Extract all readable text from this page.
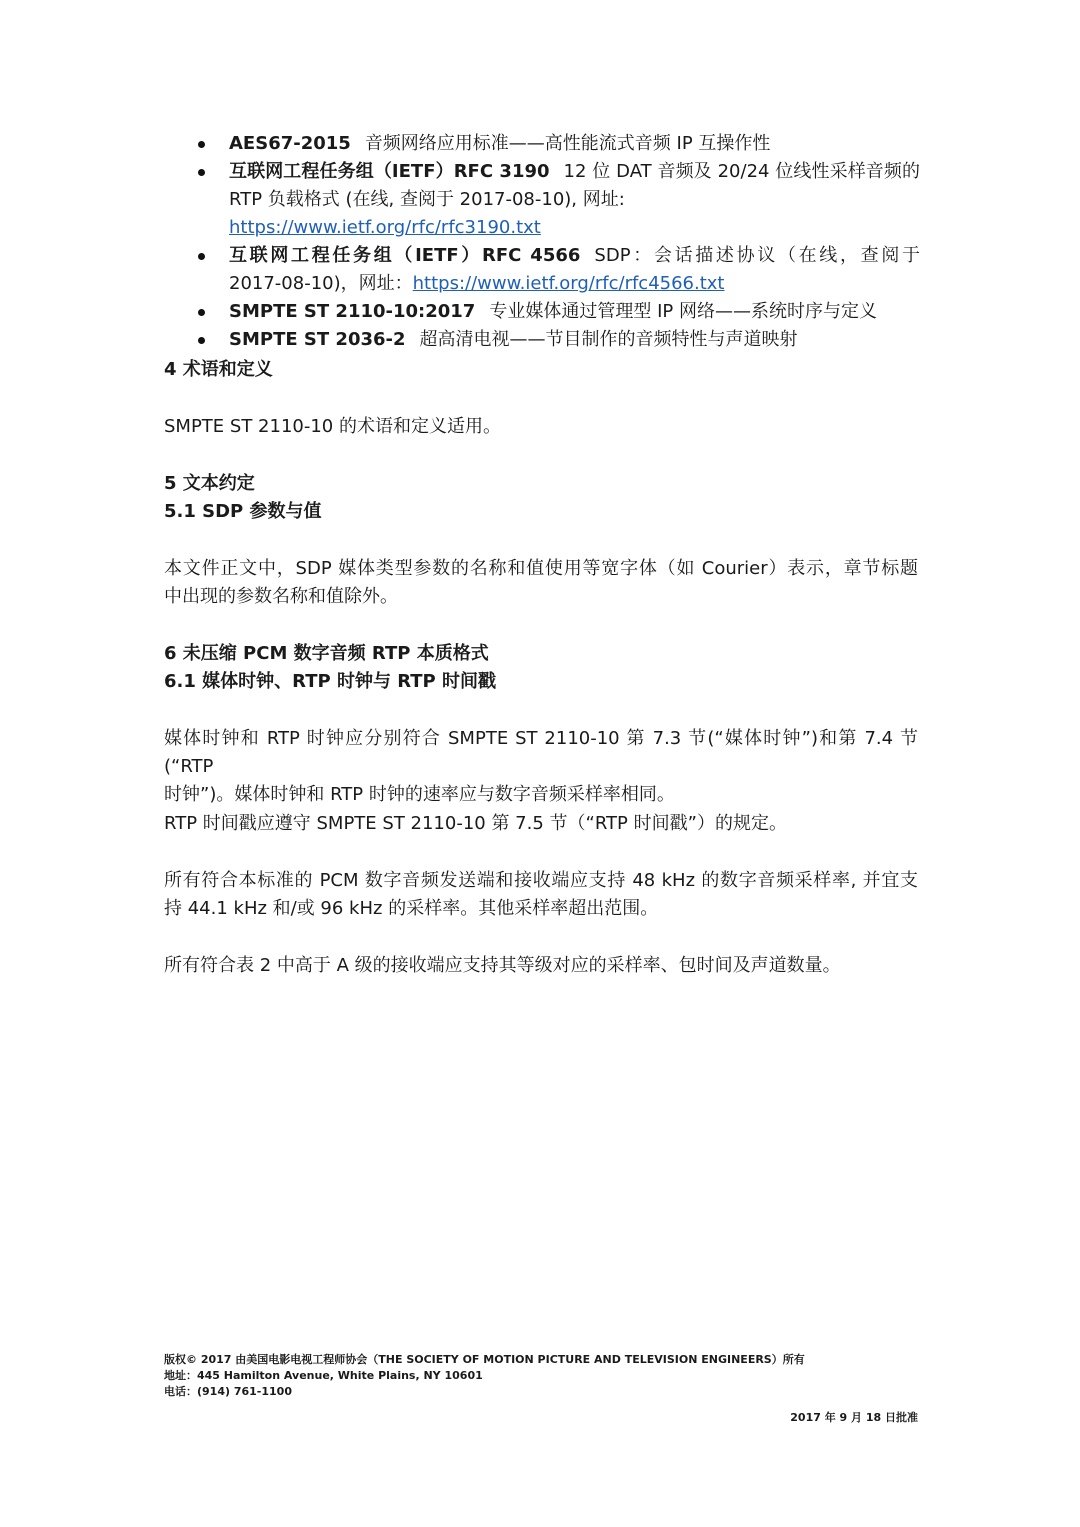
AES67-2015 音频网络应用标准——高性能流式音频 IP 互操作性
互联网工程任务组（IETF）RFC 3190 12 位 DAT 音频及 20/24 位线性采样音频的
RTP 负载格式 (在线, 查阅于 2017-08-10), 网址: https://www.ietf.org/rfc/rfc3190.txt
互联网工程任务组（IETF）RFC 4566 SDP：会话描述协议（在线，查阅于
2017-08-10)，网址：https://www.ietf.org/rfc/rfc4566.txt
SMPTE ST 2110-10:2017 专业媒体通过管理型 IP 网络——系统时序与定义
SMPTE ST 2036-2 超高清电视——节目制作的音频特性与声道映射
4 术语和定义
SMPTE ST 2110-10 的术语和定义适用。
5 文本约定
5.1 SDP 参数与值
本文件正文中，SDP 媒体类型参数的名称和值使用等宽字体（如 Courier）表示，章节标题
中出现的参数名称和值除外。
6 未压缩 PCM 数字音频 RTP 本质格式
6.1 媒体时钟、RTP 时钟与 RTP 时间戳
媒体时钟和 RTP 时钟应分别符合 SMPTE ST 2110-10 第 7.3 节(“媒体时钟”)和第 7.4 节(“RTP
时钟”)。媒体时钟和 RTP 时钟的速率应与数字音频采样率相同。
RTP 时间戳应遵守 SMPTE ST 2110-10 第 7.5 节（“RTP 时间戳”）的规定。
所有符合本标准的 PCM 数字音频发送端和接收端应支持 48 kHz 的数字音频采样率, 并宜支
持 44.1 kHz 和/或 96 kHz 的采样率。其他采样率超出范围。
所有符合表 2 中高于 A 级的接收端应支持其等级对应的采样率、包时间及声道数量。
版权© 2017 由美国电影电视工程师协会（THE SOCIETY OF MOTION PICTURE AND TELEVISION ENGINEERS）所有
地址：445 Hamilton Avenue, White Plains, NY 10601
电话：(914) 761-1100
2017 年 9 月 18 日批准
